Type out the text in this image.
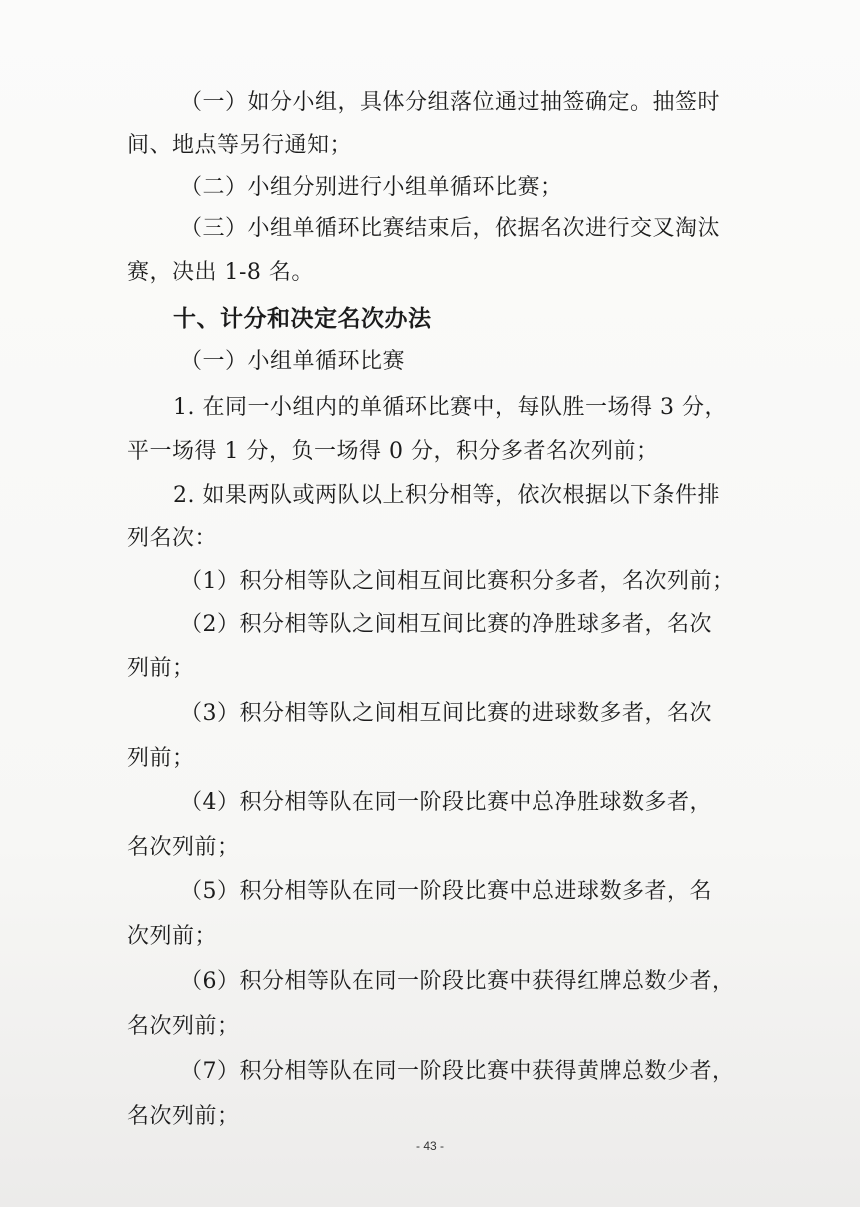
（一）如分小组，具体分组落位通过抽签确定。抽签时
间、地点等另行通知；
（二）小组分别进行小组单循环比赛；
（三）小组单循环比赛结束后，依据名次进行交叉淘汰
赛，决出 1-8 名。
十、计分和决定名次办法
（一）小组单循环比赛
1. 在同一小组内的单循环比赛中，每队胜一场得 3 分，
平一场得 1 分，负一场得 0 分，积分多者名次列前；
2. 如果两队或两队以上积分相等，依次根据以下条件排
列名次：
（1）积分相等队之间相互间比赛积分多者，名次列前；
（2）积分相等队之间相互间比赛的净胜球多者，名次
列前；
（3）积分相等队之间相互间比赛的进球数多者，名次
列前；
（4）积分相等队在同一阶段比赛中总净胜球数多者，
名次列前；
（5）积分相等队在同一阶段比赛中总进球数多者，名
次列前；
（6）积分相等队在同一阶段比赛中获得红牌总数少者，
名次列前；
（7）积分相等队在同一阶段比赛中获得黄牌总数少者，
名次列前；
- 43 -
